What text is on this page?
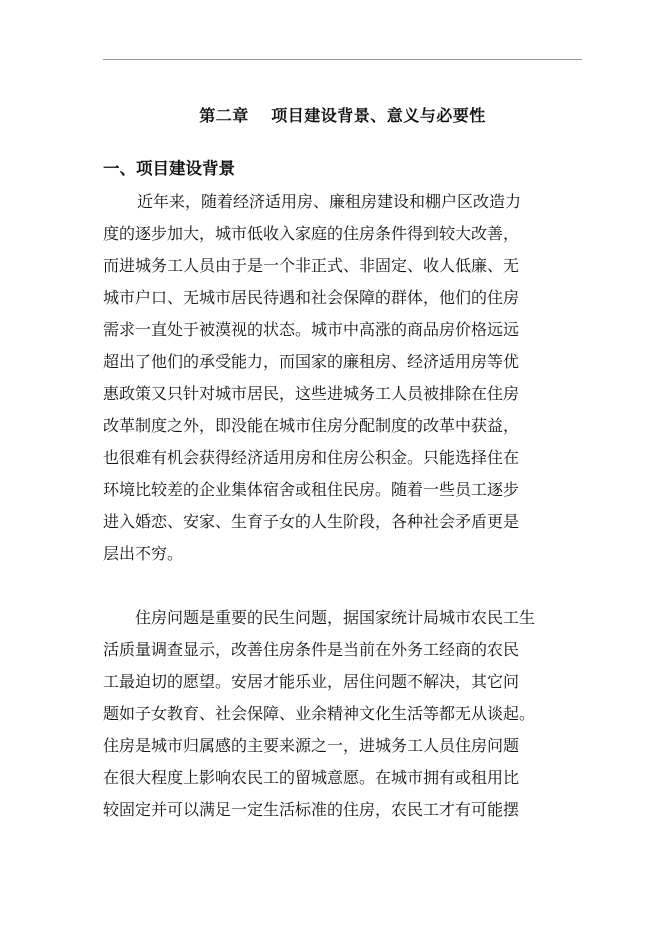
第二章　 项目建设背景、意义与必要性
一、项目建设背景
近年来，随着经济适用房、廉租房建设和棚户区改造力
度的逐步加大，城市低收入家庭的住房条件得到较大改善，
而进城务工人员由于是一个非正式、非固定、收人低廉、无
城市户口、无城市居民待遇和社会保障的群体，他们的住房
需求一直处于被漠视的状态。城市中高涨的商品房价格远远
超出了他们的承受能力，而国家的廉租房、经济适用房等优
惠政策又只针对城市居民，这些进城务工人员被排除在住房
改革制度之外，即没能在城市住房分配制度的改革中获益，
也很难有机会获得经济适用房和住房公积金。只能选择住在
环境比较差的企业集体宿舍或租住民房。随着一些员工逐步
进入婚恋、安家、生育子女的人生阶段，各种社会矛盾更是
层出不穷。
住房问题是重要的民生问题，据国家统计局城市农民工生
活质量调查显示，改善住房条件是当前在外务工经商的农民
工最迫切的愿望。安居才能乐业，居住问题不解决，其它问
题如子女教育、社会保障、业余精神文化生活等都无从谈起。
住房是城市归属感的主要来源之一，进城务工人员住房问题
在很大程度上影响农民工的留城意愿。在城市拥有或租用比
较固定并可以满足一定生活标准的住房，农民工才有可能摆
